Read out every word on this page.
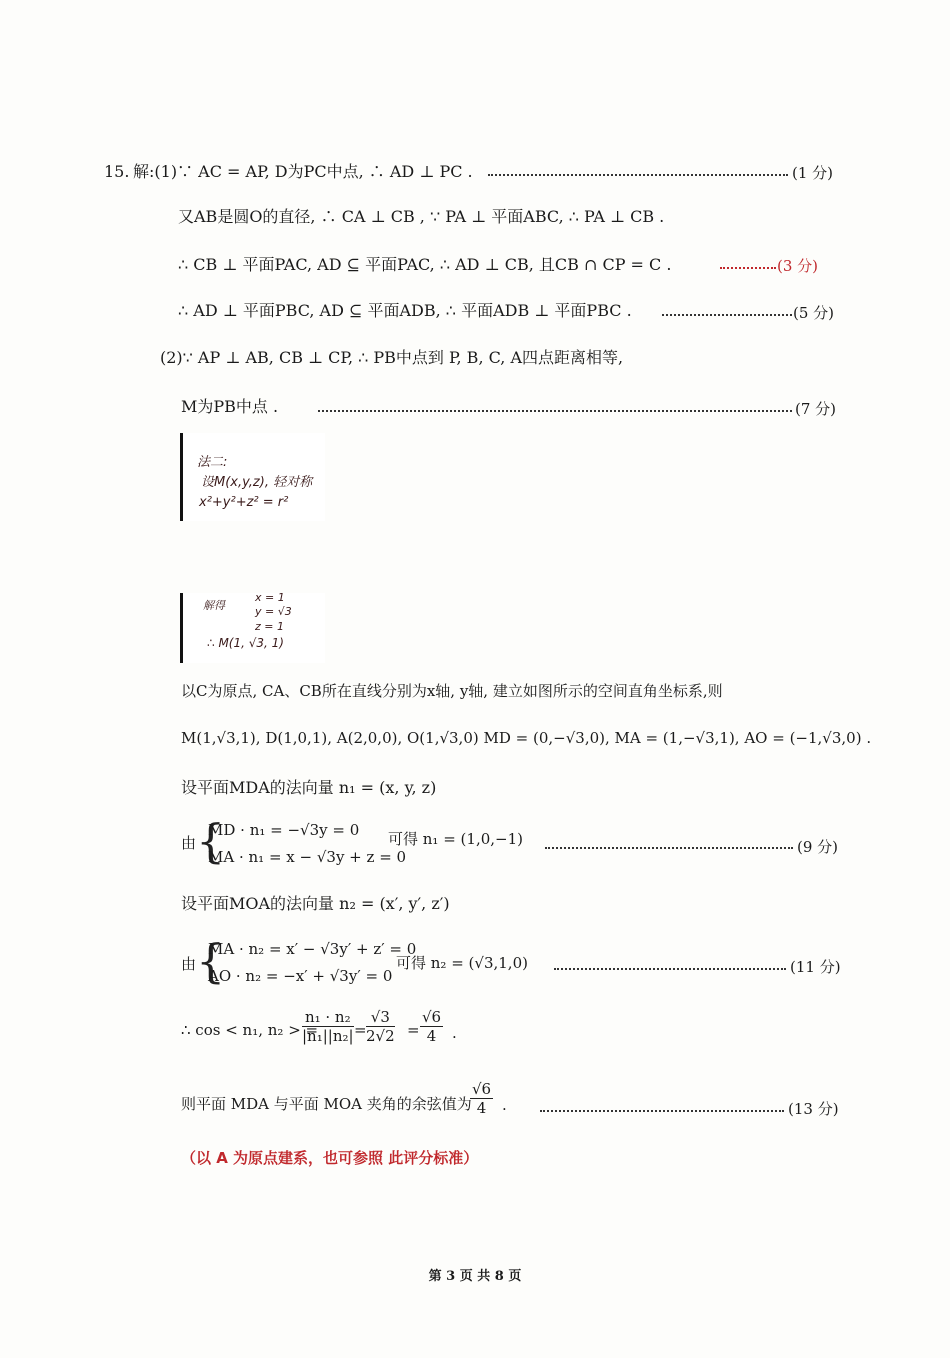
15. 解:(1)∵ AC = AP, D为PC中点, ∴ AD ⊥ PC .	(1 分)
又AB是圆O的直径, ∴ CA ⊥ CB , ∵ PA ⊥ 平面ABC, ∴ PA ⊥ CB .
∴ CB ⊥ 平面PAC, AD ⊆ 平面PAC, ∴ AD ⊥ CB, 且CB ∩ CP = C .	(3 分)
∴ AD ⊥ 平面PBC, AD ⊆ 平面ADB, ∴ 平面ADB ⊥ 平面PBC .	(5 分)
(2)∵ AP ⊥ AB, CB ⊥ CP, ∴ PB中点到 P, B, C, A四点距离相等,
M为PB中点 .	(7 分)
法二:
设M(x,y,z), 轻对称
x²+y²+z² = r²
解得
x = 1
y = √3
z = 1
∴ M(1, √3, 1)
以C为原点, CA、CB所在直线分别为x轴, y轴, 建立如图所示的空间直角坐标系,则
M(1,√3,1), D(1,0,1), A(2,0,0), O(1,√3,0) MD = (0,−√3,0), MA = (1,−√3,1), AO = (−1,√3,0) .
设平面MDA的法向量 n₁ = (x, y, z)
由 {
MD · n₁ = −√3y = 0
MA · n₁ = x − √3y + z = 0
可得 n₁ = (1,0,−1)	(9 分)
设平面MOA的法向量 n₂ = (x′, y′, z′)
由 {
MA · n₂ = x′ − √3y′ + z′ = 0
AO · n₂ = −x′ + √3y′ = 0
可得 n₂ = (√3,1,0)	(11 分)
∴ cos < n₁, n₂ > =
$\frac{\text{n₁ · n₂}}{\text{|n₁||n₂|}} = \frac{√3}{2√2} = \frac{√6}{4}$ .
则平面 MDA 与平面 MOA 夹角的余弦值为
$\frac{√6}{4}$ .	(13 分)
（以 A 为原点建系，也可参照 此评分标准）
第 3 页 共 8 页
